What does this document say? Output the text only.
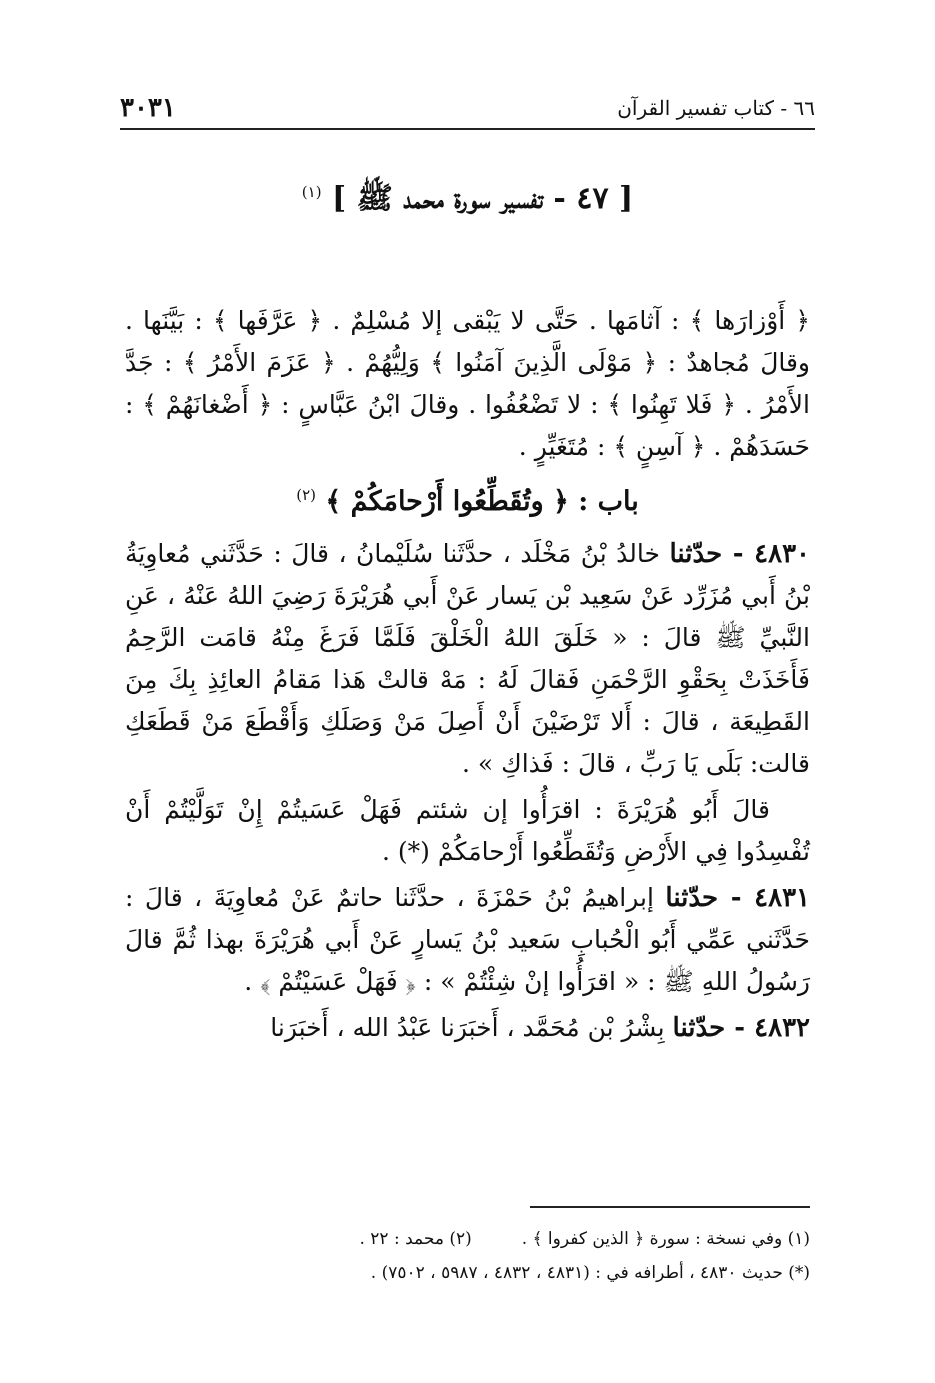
٦٦ - كتاب تفسير القرآن
٣٠٣١
[ ٤٧ - تفسير سورة محمد ﷺ ] $^{(١)}$

﴿ أَوْزارَها ﴾ : آثامَها . حَتَّى لا يَبْقى إلا مُسْلِمٌ . ﴿ عَرَّفَها ﴾ : بَيَّنَها . وقالَ مُجاهدٌ : ﴿ مَوْلَى الَّذِينَ آمَنُوا ﴾ وَلِيُّهُمْ . ﴿ عَزَمَ الأَمْرُ ﴾ : جَدَّ الأَمْرُ . ﴿ فَلا تَهِنُوا ﴾ : لا تَضْعُفُوا . وقالَ ابْنُ عَبَّاسٍ : ﴿ أَضْغانَهُمْ ﴾ : حَسَدَهُمْ . ﴿ آسِنٍ ﴾ : مُتَغَيِّرٍ .

باب : ﴿ وتُقَطِّعُوا أَرْحامَكُمْ ﴾ $^{(٢)}$

٤٨٣٠ - حدّثنا خالدُ بْنُ مَخْلَد ، حدَّثَنا سُلَيْمانُ ، قالَ : حَدَّثَني مُعاوِيَةُ بْنُ أَبي مُزَرِّد عَنْ سَعِيد بْن يَسار عَنْ أَبي هُرَيْرَةَ رَضِيَ اللهُ عَنْهُ ، عَنِ النَّبيِّ ﷺ قالَ : « خَلَقَ اللهُ الْخَلْقَ فَلَمَّا فَرَغَ مِنْهُ قامَت الرَّحِمُ فَأَخَذَتْ بِحَقْوِ الرَّحْمَنِ فَقالَ لَهُ : مَهْ قالتْ هَذا مَقامُ العائِذِ بِكَ مِنَ القَطِيعَة ، قالَ : أَلا تَرْضَيْنَ أَنْ أَصِلَ مَنْ وَصَلَكِ وَأَقْطَعَ مَنْ قَطَعَكِ قالت: بَلَى يَا رَبِّ ، قالَ : فَذاكِ » .

قالَ أَبُو هُرَيْرَةَ : اقرَأُوا إن شئتم فَهَلْ عَسَيتُمْ إِنْ تَوَلَّيْتُمْ أَنْ تُفْسِدُوا فِي الأَرْضِ وَتُقَطِّعُوا أَرْحامَكُمْ (*) .

٤٨٣١ - حدّثنا إبراهيمُ بْنُ حَمْزَةَ ، حدَّثَنا حاتمٌ عَنْ مُعاوِيَةَ ، قالَ : حَدَّثَني عَمِّي أَبُو الْحُبابِ سَعيد بْنُ يَسارٍ عَنْ أَبي هُرَيْرَةَ بهذا ثُمَّ قالَ رَسُولُ اللهِ ﷺ : « اقرَأُوا إنْ شِئْتُمْ » : ﴿ فَهَلْ عَسَيْتُمْ ﴾ .

٤٨٣٢ - حدّثنا بِشْرُ بْن مُحَمَّد ، أَخبَرَنا عَبْدُ الله ، أَخبَرَنا

(١) وفي نسخة : سورة ﴿ الذين كفروا ﴾ .
(٢) محمد : ٢٢ .
(*) حديث ٤٨٣٠ ، أطرافه في : (٤٨٣١ ، ٤٨٣٢ ، ٥٩٨٧ ، ٧٥٠٢) .
